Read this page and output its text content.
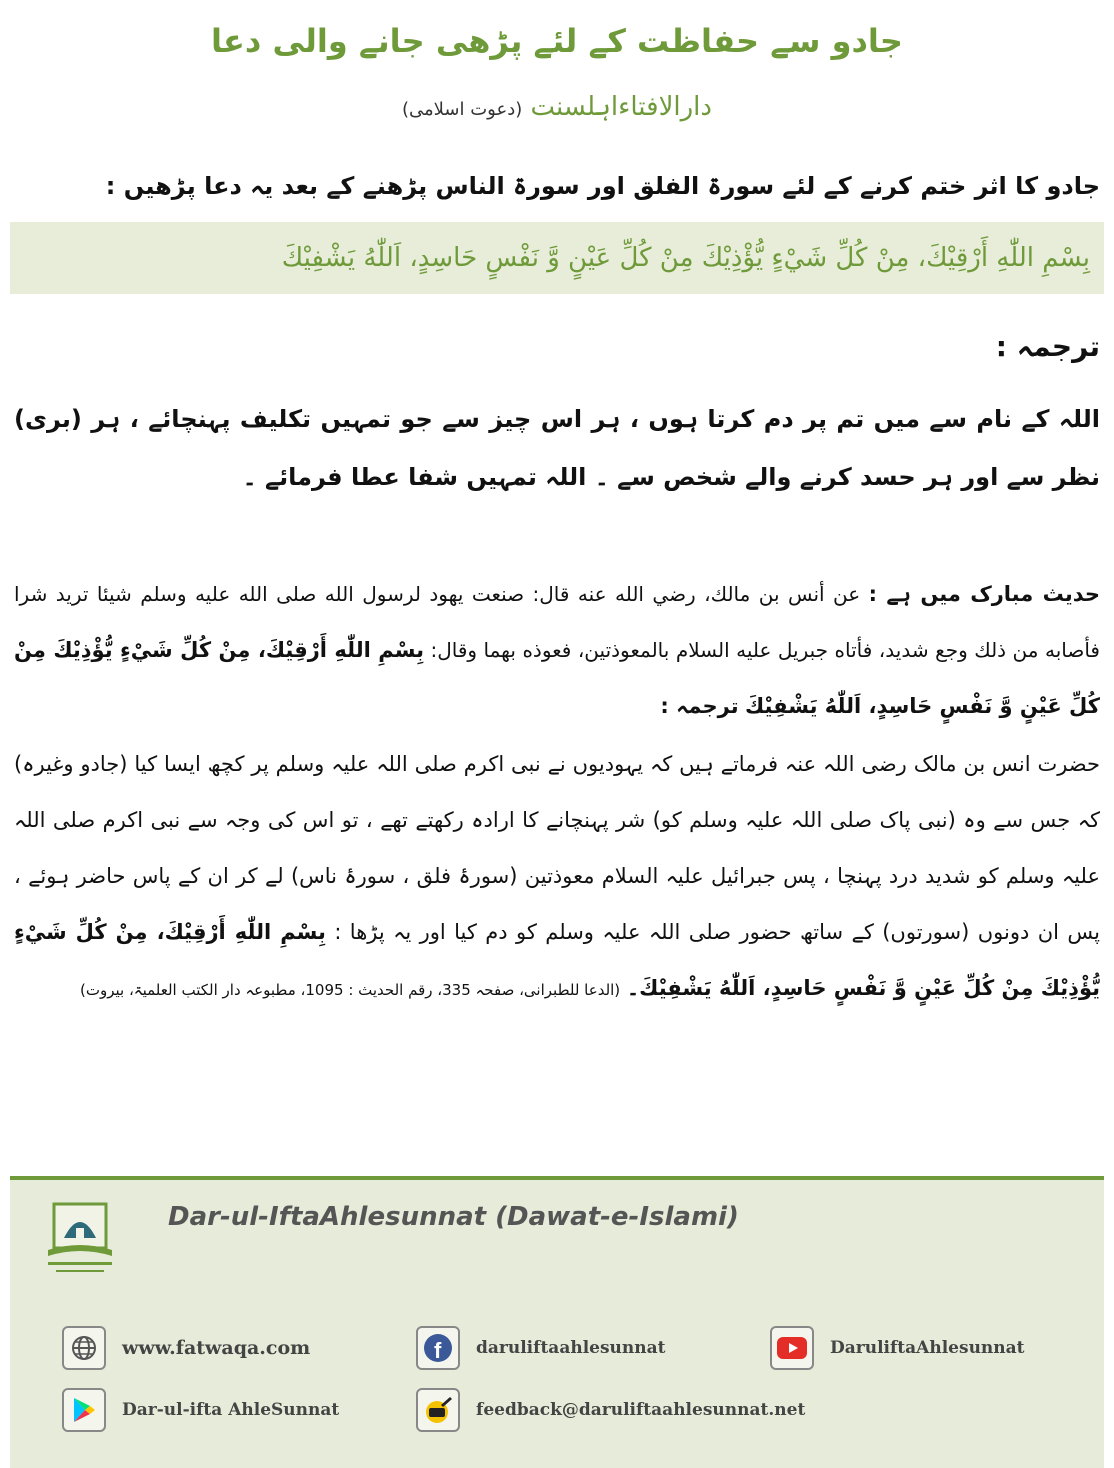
جادو سے حفاظت کے لئے پڑھی جانے والی دعا
دارالافتاءاہلسنت (دعوت اسلامی)
جادو کا اثر ختم کرنے کے لئے سورۃ الفلق اور سورۃ الناس پڑھنے کے بعد یہ دعا پڑھیں :

بِسْمِ اللّٰهِ أَرْقِيْكَ، مِنْ كُلِّ شَيْءٍ يُّؤْذِيْكَ مِنْ كُلِّ عَيْنٍ وَّ نَفْسٍ حَاسِدٍ، اَللّٰهُ يَشْفِيْكَ

ترجمہ :
اللہ کے نام سے میں تم پر دم کرتا ہوں ، ہر اس چیز سے جو تمہیں تکلیف پہنچائے ، ہر (بری) نظر سے اور ہر حسد کرنے والے شخص سے ۔ اللہ تمہیں شفا عطا فرمائے ۔
حدیث مبارک میں ہے : عن أنس بن مالك، رضي الله عنه قال: صنعت يهود لرسول الله صلى الله عليه وسلم شيئا تريد شرا فأصابه من ذلك وجع شديد، فأتاه جبريل عليه السلام بالمعوذتين، فعوذه بهما وقال: بِسْمِ اللّٰهِ أَرْقِيْكَ، مِنْ كُلِّ شَيْءٍ يُّؤْذِيْكَ مِنْ كُلِّ عَيْنٍ وَّ نَفْسٍ حَاسِدٍ، اَللّٰهُ يَشْفِيْكَ ترجمہ :
حضرت انس بن مالک رضی اللہ عنہ فرماتے ہیں کہ یہودیوں نے نبی اکرم صلی اللہ علیہ وسلم پر کچھ ایسا کیا (جادو وغیرہ) کہ جس سے وہ (نبی پاک صلی اللہ علیہ وسلم کو) شر پہنچانے کا ارادہ رکھتے تھے ، تو اس کی وجہ سے نبی اکرم صلی اللہ علیہ وسلم کو شدید درد پہنچا ، پس جبرائیل علیہ السلام معوذتین (سورۂ فلق ، سورۂ ناس) لے کر ان کے پاس حاضر ہوئے ، پس ان دونوں (سورتوں) کے ساتھ حضور صلی اللہ علیہ وسلم کو دم کیا اور یہ پڑھا : بِسْمِ اللّٰهِ أَرْقِيْكَ، مِنْ كُلِّ شَيْءٍ يُّؤْذِيْكَ مِنْ كُلِّ عَيْنٍ وَّ نَفْسٍ حَاسِدٍ، اَللّٰهُ يَشْفِيْكَ۔ (الدعا للطبرانی، صفحہ 335، رقم الحدیث : 1095، مطبوعہ دار الکتب العلمیۃ، بیروت)
Dar-ul-IftaAhlesunnat (Dawat-e-Islami)
www.fatwaqa.com	f daruliftaahlesunnat	DaruliftaAhlesunnat
Dar-ul-ifta AhleSunnat	feedback@daruliftaahlesunnat.net
